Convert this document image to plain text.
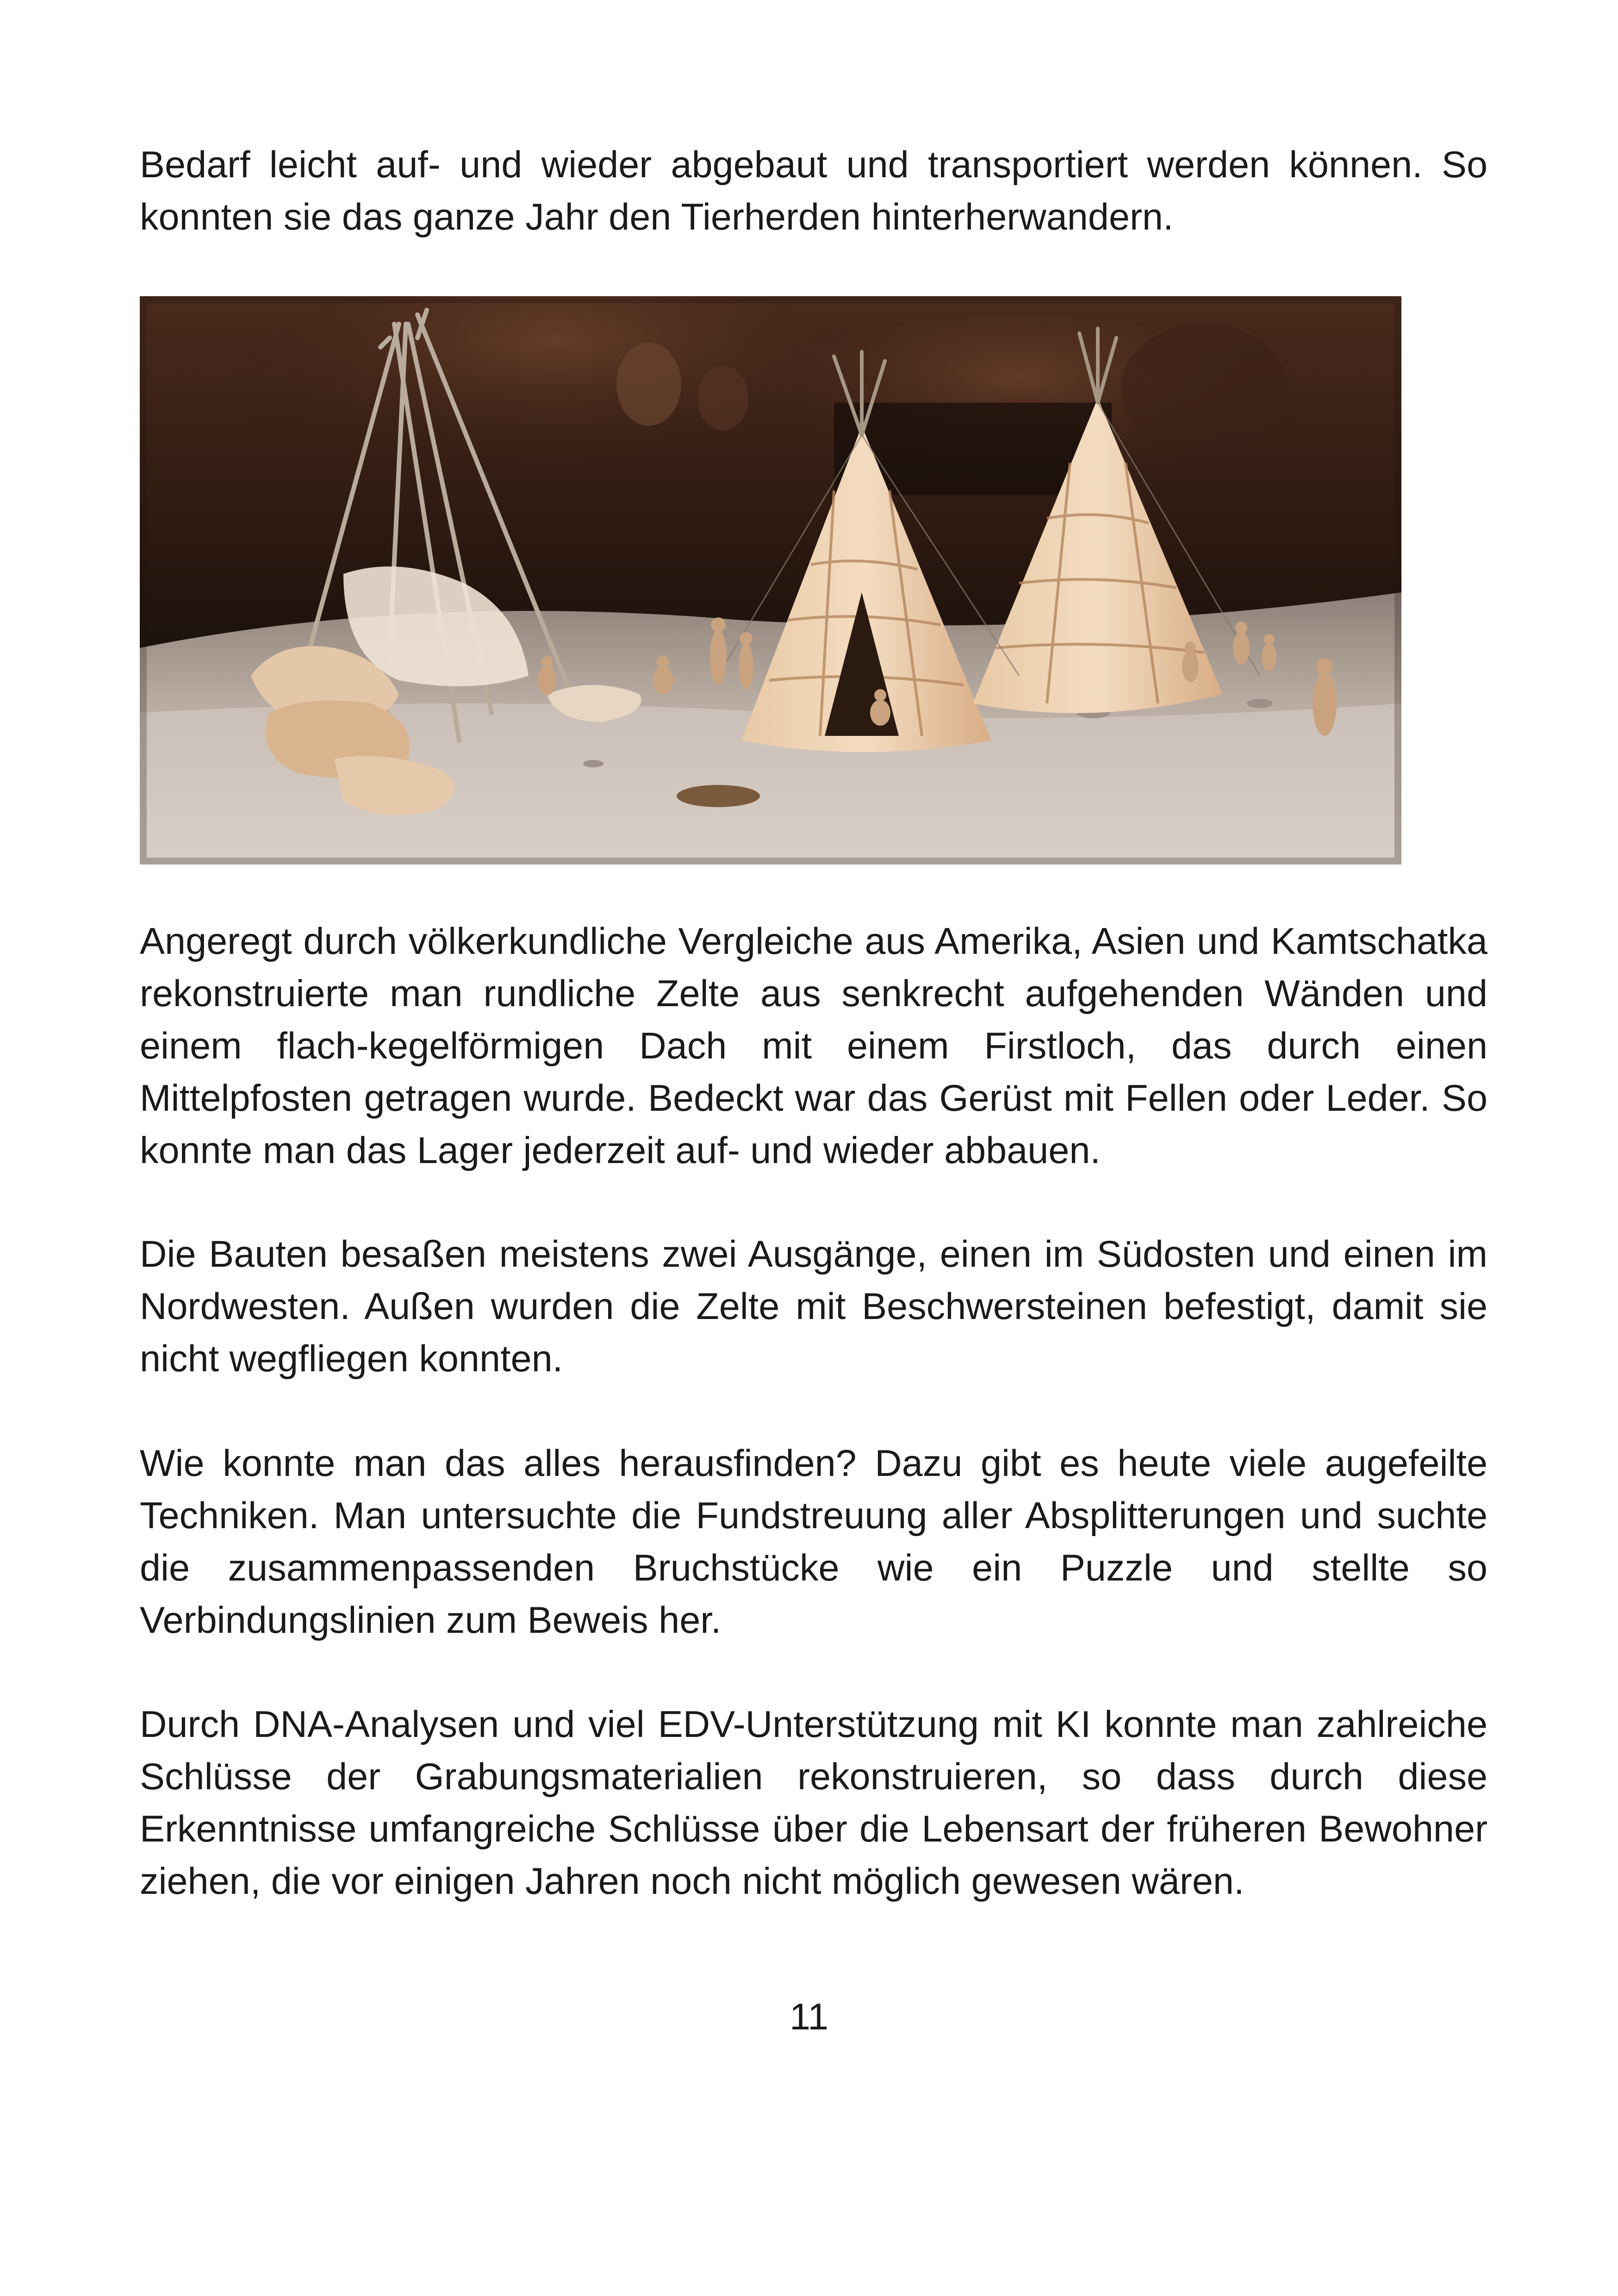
Bedarf leicht auf- und wieder abgebaut und transportiert werden können. So konnten sie das ganze Jahr den Tierherden hinterherwandern.

Angeregt durch völkerkundliche Vergleiche aus Amerika, Asien und Kamtschatka rekonstruierte man rundliche Zelte aus senkrecht aufgehenden Wänden und einem flach-kegelförmigen Dach mit einem Firstloch, das durch einen Mittelpfosten getragen wurde. Bedeckt war das Gerüst mit Fellen oder Leder. So konnte man das Lager jederzeit auf- und wieder abbauen.

Die Bauten besaßen meistens zwei Ausgänge, einen im Südosten und einen im Nordwesten. Außen wurden die Zelte mit Beschwersteinen befestigt, damit sie nicht wegfliegen konnten.

Wie konnte man das alles herausfinden? Dazu gibt es heute viele augefeilte Techniken. Man untersuchte die Fundstreuung aller Absplitterungen und suchte die zusammenpassenden Bruchstücke wie ein Puzzle und stellte so Verbindungslinien zum Beweis her.

Durch DNA-Analysen und viel EDV-Unterstützung mit KI konnte man zahlreiche Schlüsse der Grabungsmaterialien rekonstruieren, so dass durch diese Erkenntnisse umfangreiche Schlüsse über die Lebensart der früheren Bewohner ziehen, die vor einigen Jahren noch nicht möglich gewesen wären.

11
